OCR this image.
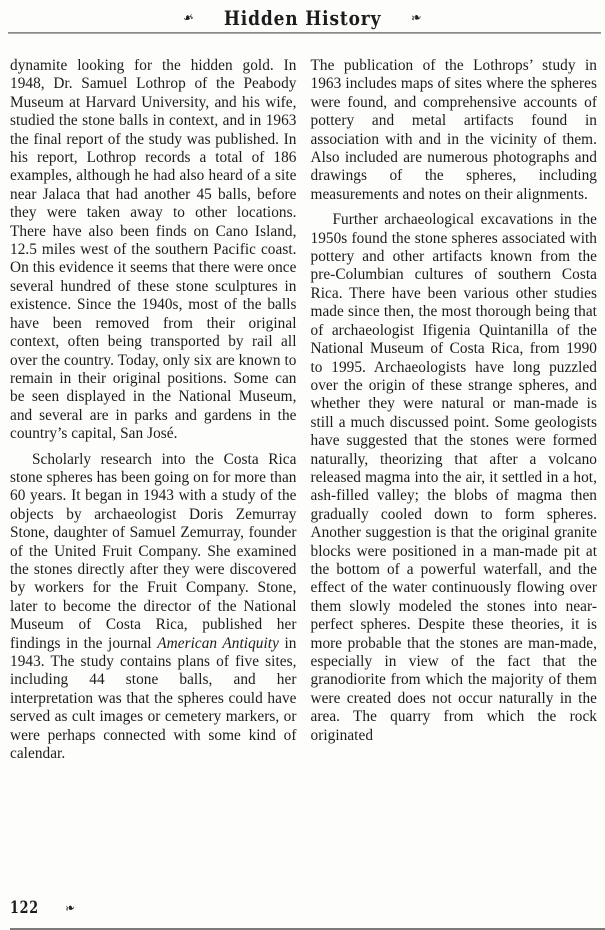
❧ Hidden History ❧

dynamite looking for the hidden gold. In 1948, Dr. Samuel Lothrop of the Peabody Museum at Harvard University, and his wife, studied the stone balls in context, and in 1963 the final report of the study was published. In his report, Lothrop records a total of 186 examples, although he had also heard of a site near Jalaca that had another 45 balls, before they were taken away to other locations. There have also been finds on Cano Island, 12.5 miles west of the southern Pacific coast. On this evidence it seems that there were once several hundred of these stone sculptures in existence. Since the 1940s, most of the balls have been removed from their original context, often being transported by rail all over the country. Today, only six are known to remain in their original positions. Some can be seen displayed in the National Museum, and several are in parks and gardens in the country’s capital, San José.

Scholarly research into the Costa Rica stone spheres has been going on for more than 60 years. It began in 1943 with a study of the objects by archaeologist Doris Zemurray Stone, daughter of Samuel Zemurray, founder of the United Fruit Company. She examined the stones directly after they were discovered by workers for the Fruit Company. Stone, later to become the director of the National Museum of Costa Rica, published her findings in the journal American Antiquity in 1943. The study contains plans of five sites, including 44 stone balls, and her interpretation was that the spheres could have served as cult images or cemetery markers, or were perhaps connected with some kind of calendar.

The publication of the Lothrops’ study in 1963 includes maps of sites where the spheres were found, and comprehensive accounts of pottery and metal artifacts found in association with and in the vicinity of them. Also included are numerous photographs and drawings of the spheres, including measurements and notes on their alignments.

Further archaeological excavations in the 1950s found the stone spheres associated with pottery and other artifacts known from the pre-Columbian cultures of southern Costa Rica. There have been various other studies made since then, the most thorough being that of archaeologist Ifigenia Quintanilla of the National Museum of Costa Rica, from 1990 to 1995. Archaeologists have long puzzled over the origin of these strange spheres, and whether they were natural or man-made is still a much discussed point. Some geologists have suggested that the stones were formed naturally, theorizing that after a volcano released magma into the air, it settled in a hot, ash-filled valley; the blobs of magma then gradually cooled down to form spheres. Another suggestion is that the original granite blocks were positioned in a man-made pit at the bottom of a powerful waterfall, and the effect of the water continuously flowing over them slowly modeled the stones into near-perfect spheres. Despite these theories, it is more probable that the stones are man-made, especially in view of the fact that the granodiorite from which the majority of them were created does not occur naturally in the area. The quarry from which the rock originated

122 ❧
